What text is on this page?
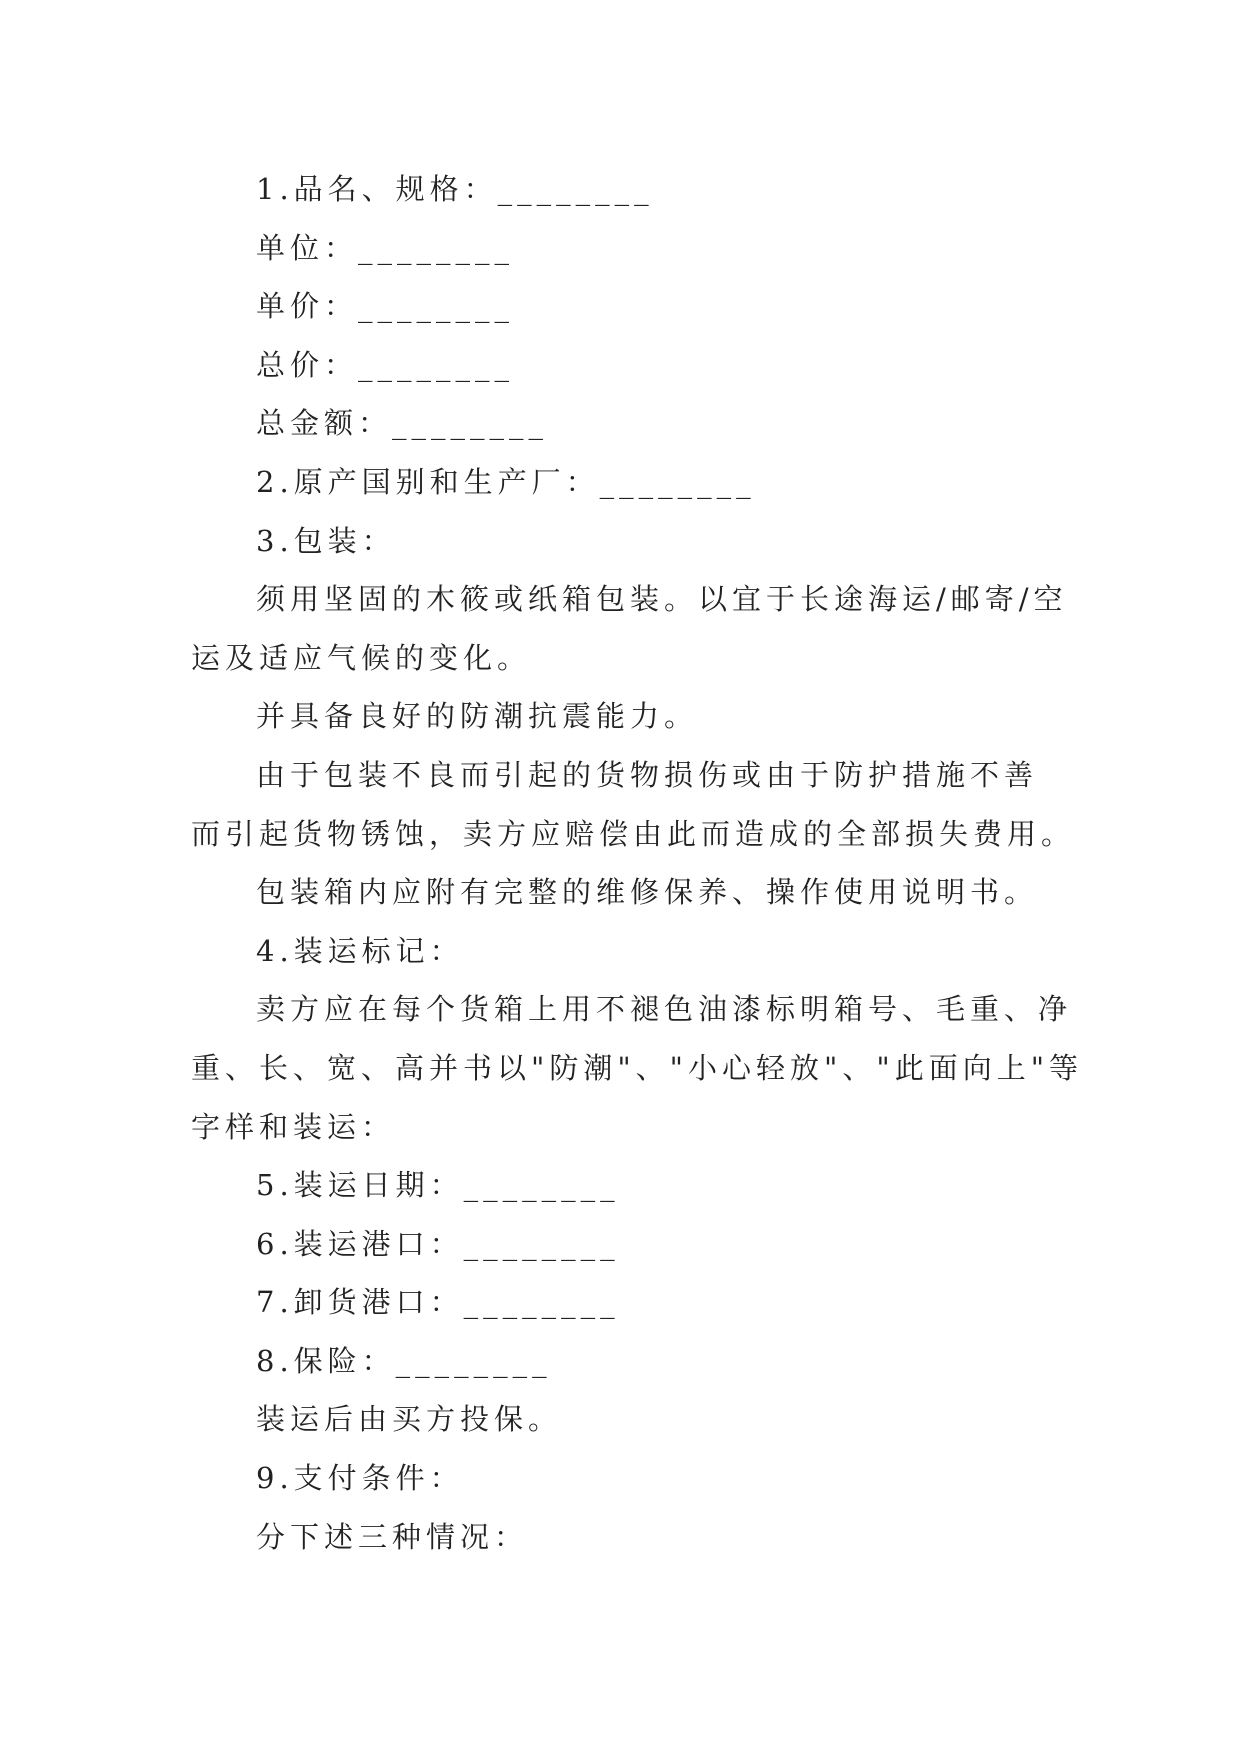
1.品名、规格：________
单位：________
单价：________
总价：________
总金额：________
2.原产国别和生产厂：________
3.包装：
须用坚固的木筱或纸箱包装。以宜于长途海运/邮寄/空
运及适应气候的变化。
并具备良好的防潮抗震能力。
由于包装不良而引起的货物损伤或由于防护措施不善
而引起货物锈蚀，卖方应赔偿由此而造成的全部损失费用。
包装箱内应附有完整的维修保养、操作使用说明书。
4.装运标记：
卖方应在每个货箱上用不褪色油漆标明箱号、毛重、净
重、长、宽、高并书以"防潮"、"小心轻放"、"此面向上"等
字样和装运：
5.装运日期：________
6.装运港口：________
7.卸货港口：________
8.保险：________
装运后由买方投保。
9.支付条件：
分下述三种情况：
